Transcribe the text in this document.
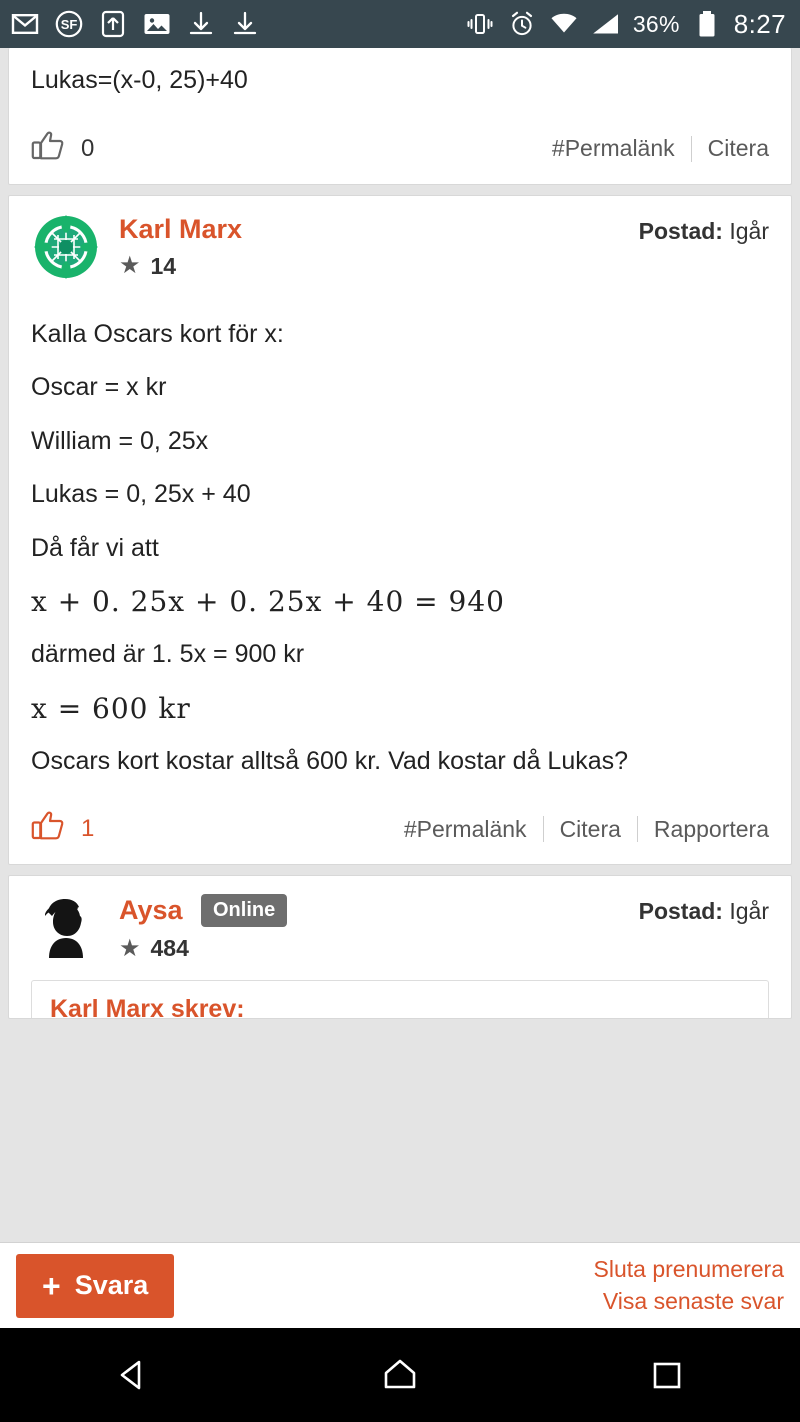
SF	36% 8:27
Lukas=(x-0, 25)+40
0	#Permalänk	Citera
Karl Marx
★ 14
Postad: Igår
Kalla Oscars kort för x:
Oscar = x kr
William = 0, 25x
Lukas = 0, 25x + 40
Då får vi att
x + 0. 25x + 0. 25x + 40 = 940
därmed är 1. 5x = 900 kr
x = 600 kr
Oscars kort kostar alltså 600 kr. Vad kostar då Lukas?
1	#Permalänk	Citera	Rapportera
Aysa Online
★ 484
Postad: Igår
Karl Marx skrev:
+ Svara
Sluta prenumerera
Visa senaste svar
